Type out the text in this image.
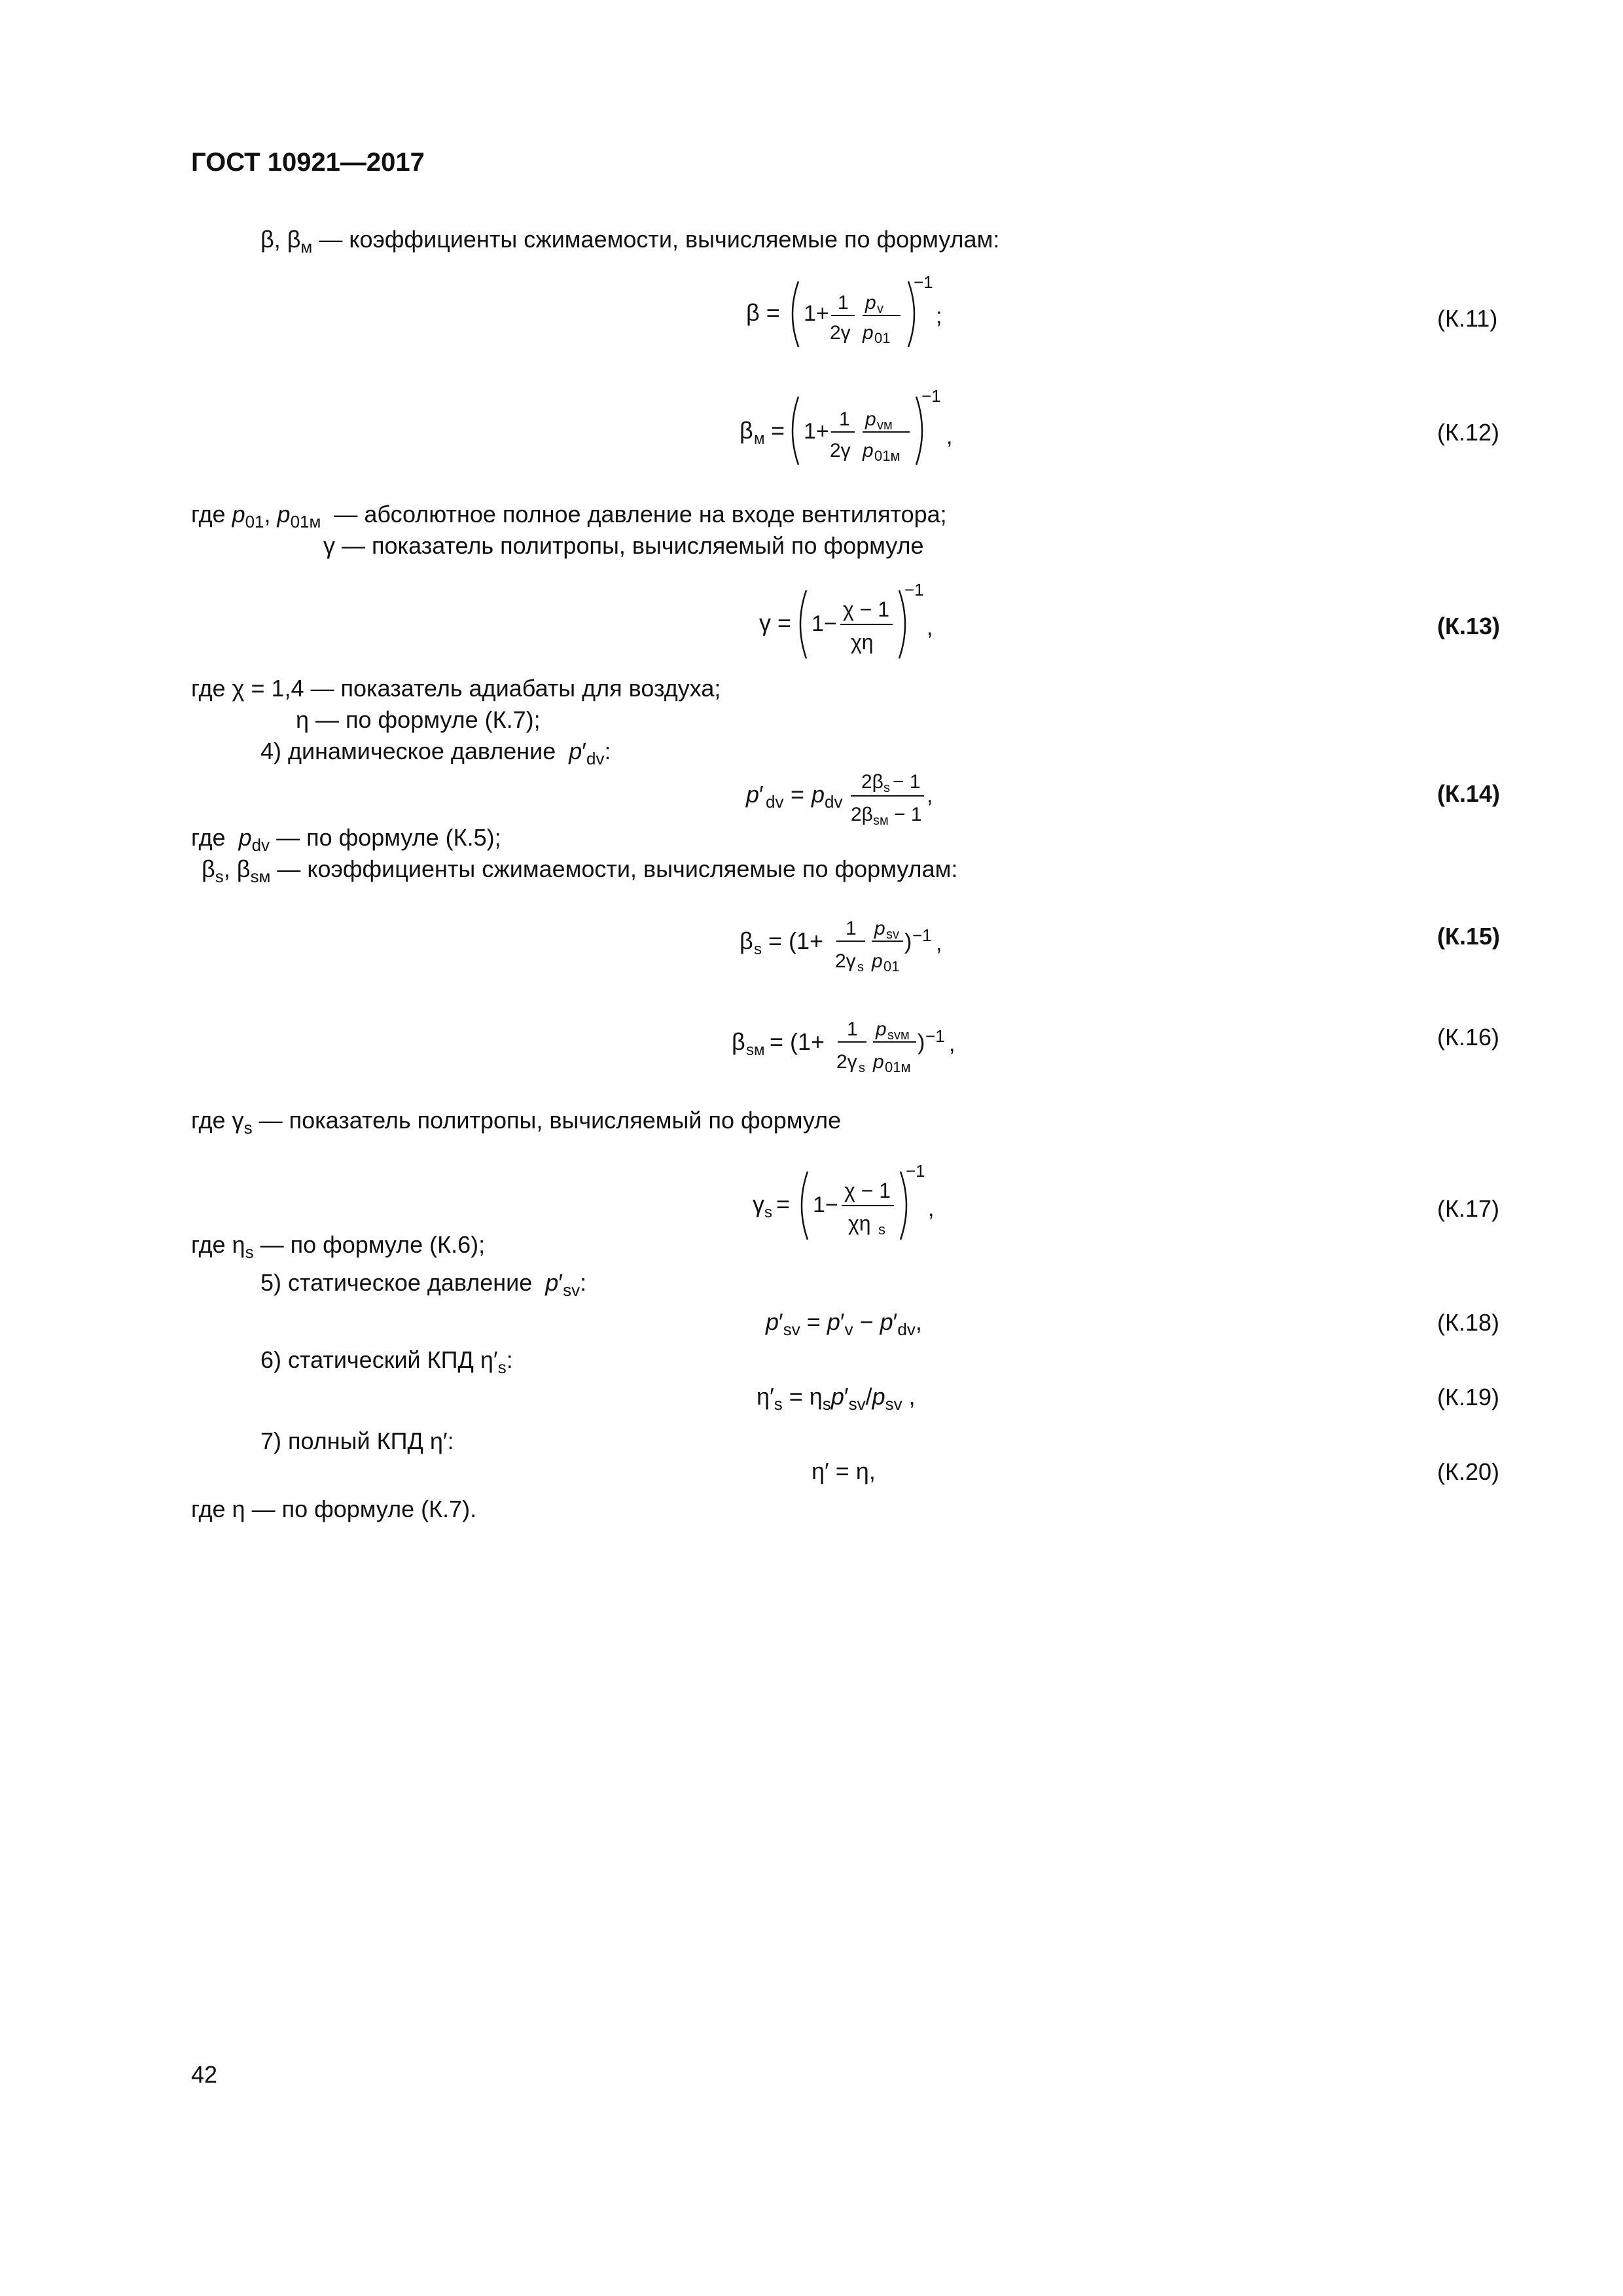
ГОСТ 10921—2017
β, $\beta_м$ — коэффициенты сжимаемости, вычисляемые по формулам:
β = 1+ 1
2γ
p v
p 01
−1
;	(К.11)
β м = 1+ 1
2γ
p vм
p 01м
−1
,	(К.12)
где $p_{01}$, $p_{01м}$ — абсолютное полное давление на входе вентилятора;
γ — показатель политропы, вычисляемый по формуле
γ = 1−
χ − 1
χη
−1
,	(К.13)
где χ = 1,4 — показатель адиабаты для воздуха;
η — по формуле (К.7);
4) динамическое давление $p'_{dv}$:
p ′ dv = p dv
2β s − 1
2β sм − 1
,	(К.14)
где $p_{dv}$ — по формуле (К.5);
$\beta_s$, $\beta_{sм}$ — коэффициенты сжимаемости, вычисляемые по формулам:
β s = (1+ 1
2γ s
p sv
p 01
) −1 ,	(К.15)
β sм = (1+ 1
2γ s
p svм
p 01м
) −1 ,	(К.16)
где $\gamma_s$ — показатель политропы, вычисляемый по формуле
γ s = 1−
χ − 1
χη s
−1
,	(К.17)
где $\eta_s$ — по формуле (К.6);
5) статическое давление $p'_{sv}$:
$p'_{sv} = p'_v - p'_{dv}$,	(К.18)
6) статический КПД $\eta'_s$:
$\eta'_s = \eta_sp'_{sv}/p_{sv}$ ,	(К.19)
7) полный КПД η′:
η′ = η,	(К.20)
где η — по формуле (К.7).
42
